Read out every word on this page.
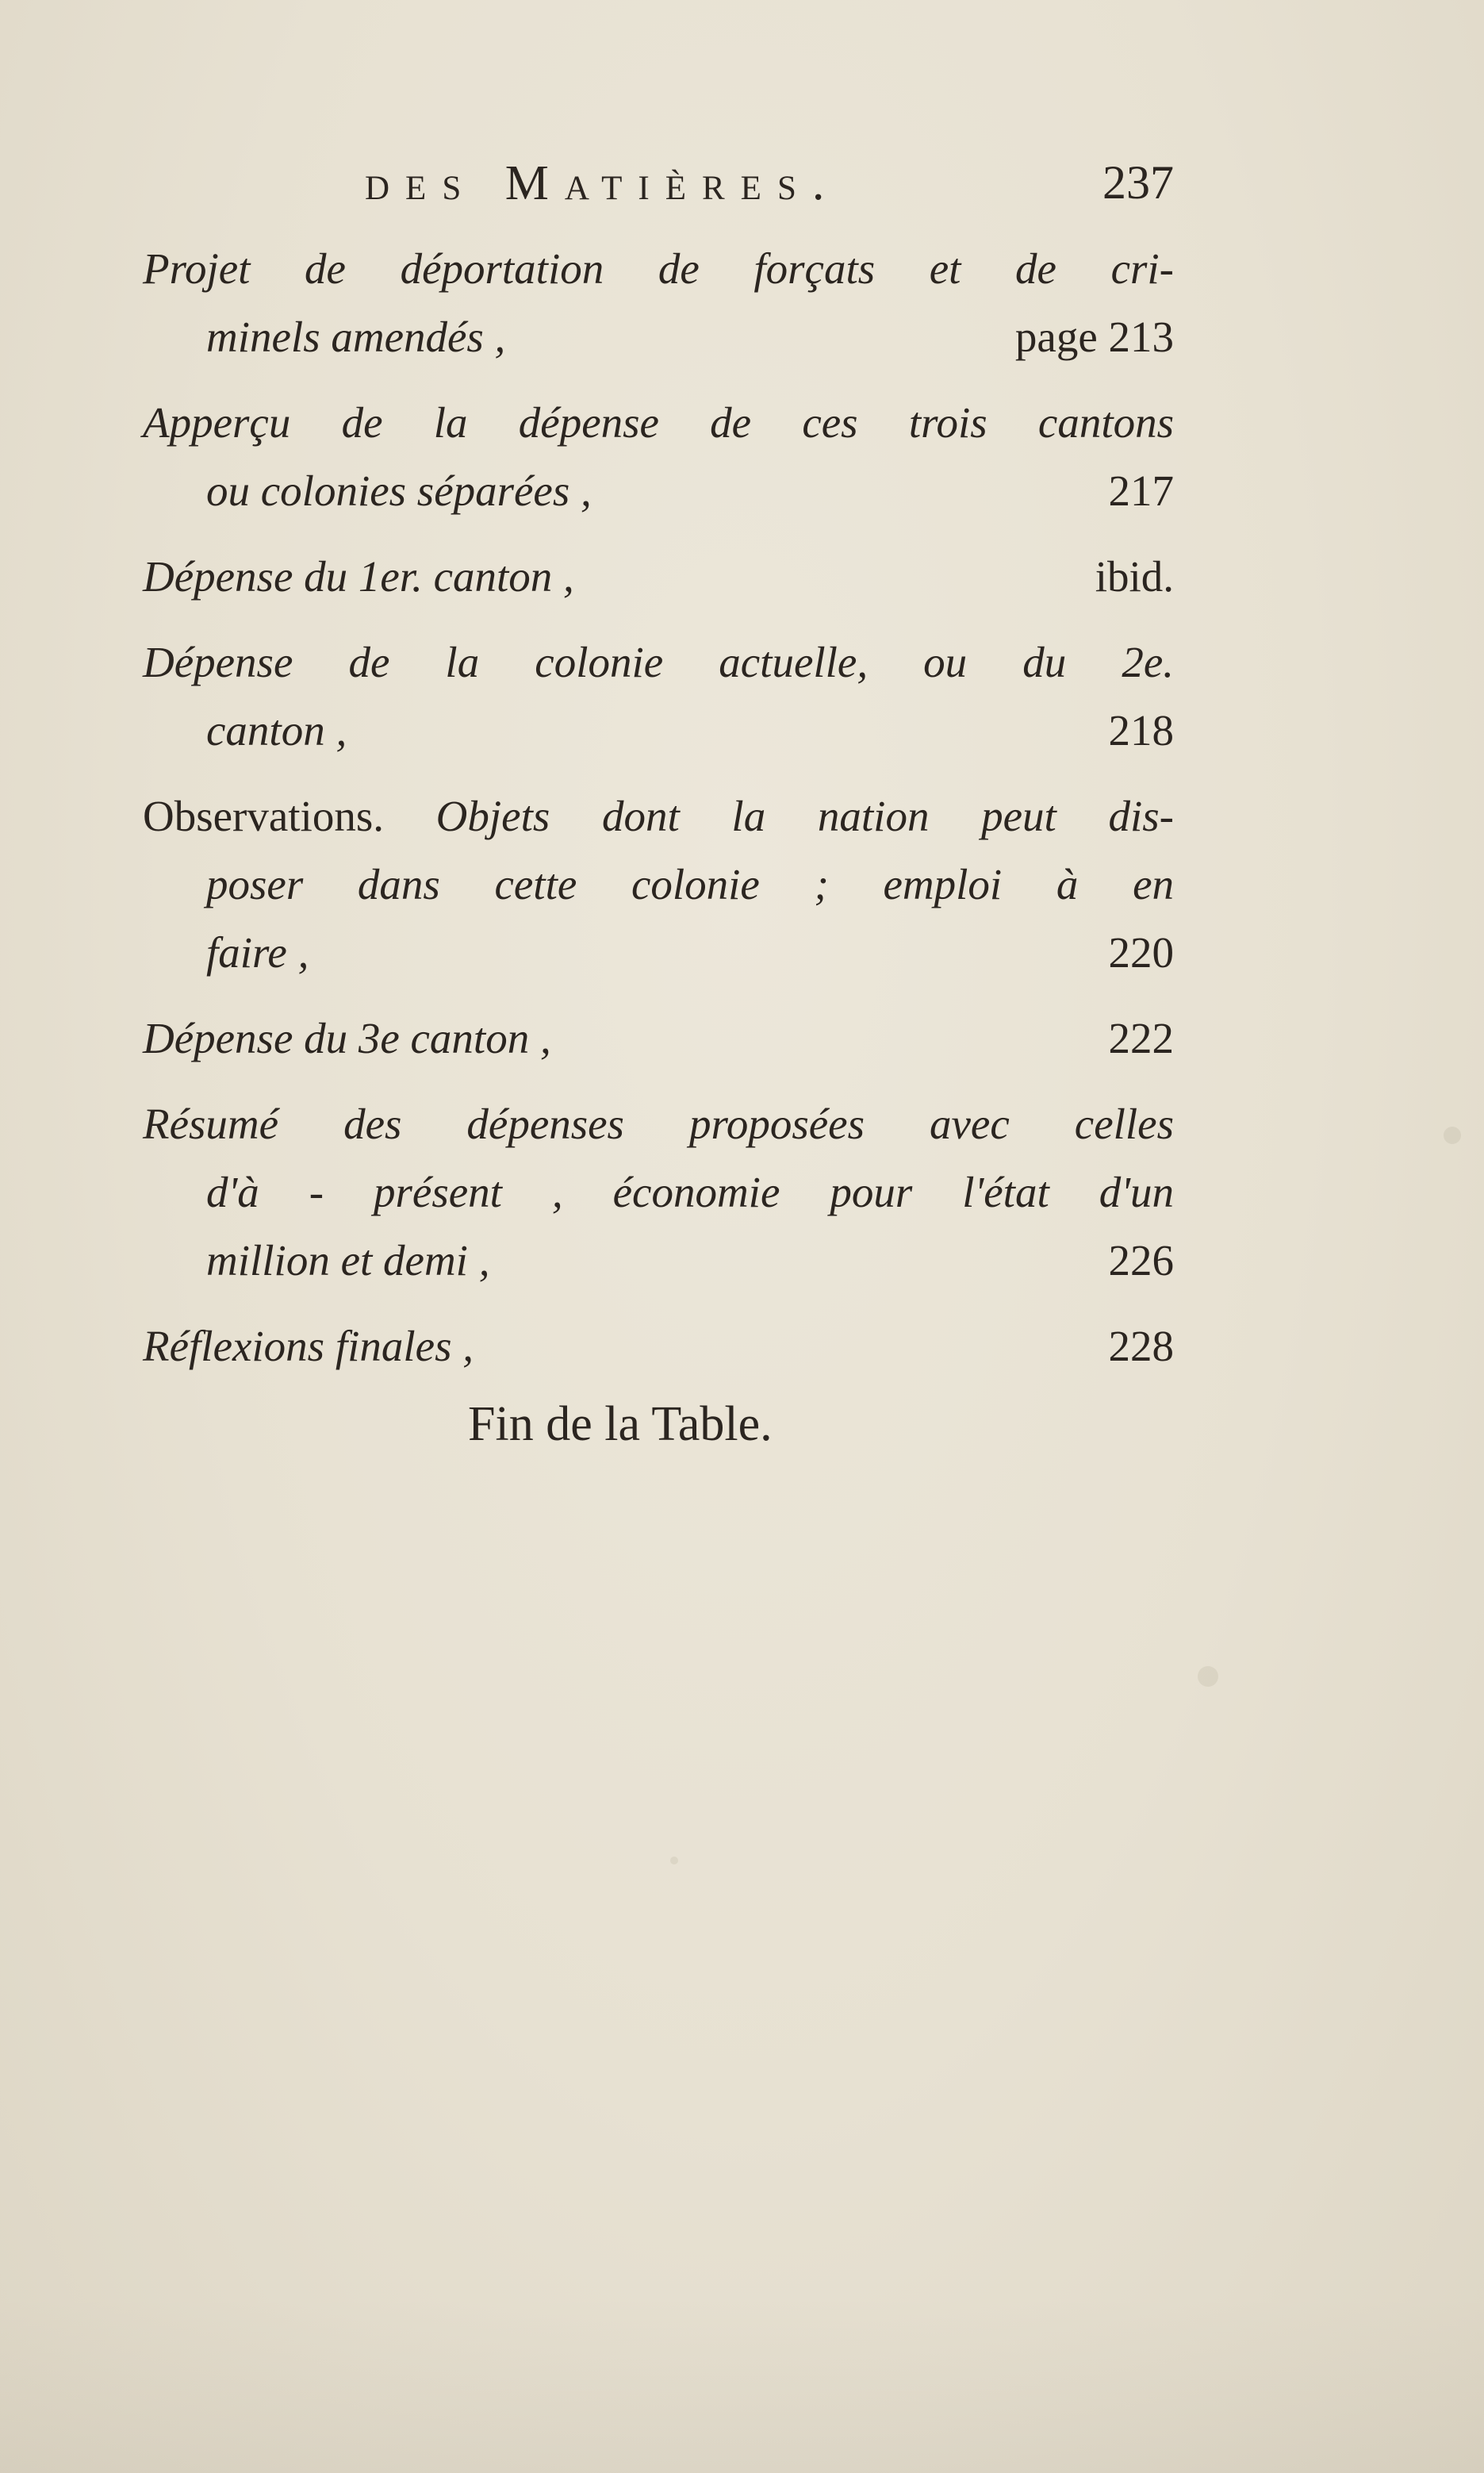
des Matières.	237
Projet de déportation de forçats et de cri-
minels amendés ,	page 213
Apperçu de la dépense de ces trois cantons
ou colonies séparées ,	217
Dépense du 1er. canton ,	ibid.
Dépense de la colonie actuelle, ou du 2e.
canton ,	218
Observations. Objets dont la nation peut dis-
poser dans cette colonie ; emploi à en
faire ,	220
Dépense du 3e canton ,	222
Résumé des dépenses proposées avec celles
d'à - présent , économie pour l'état d'un
million et demi ,	226
Réflexions finales ,	228
Fin de la Table.
